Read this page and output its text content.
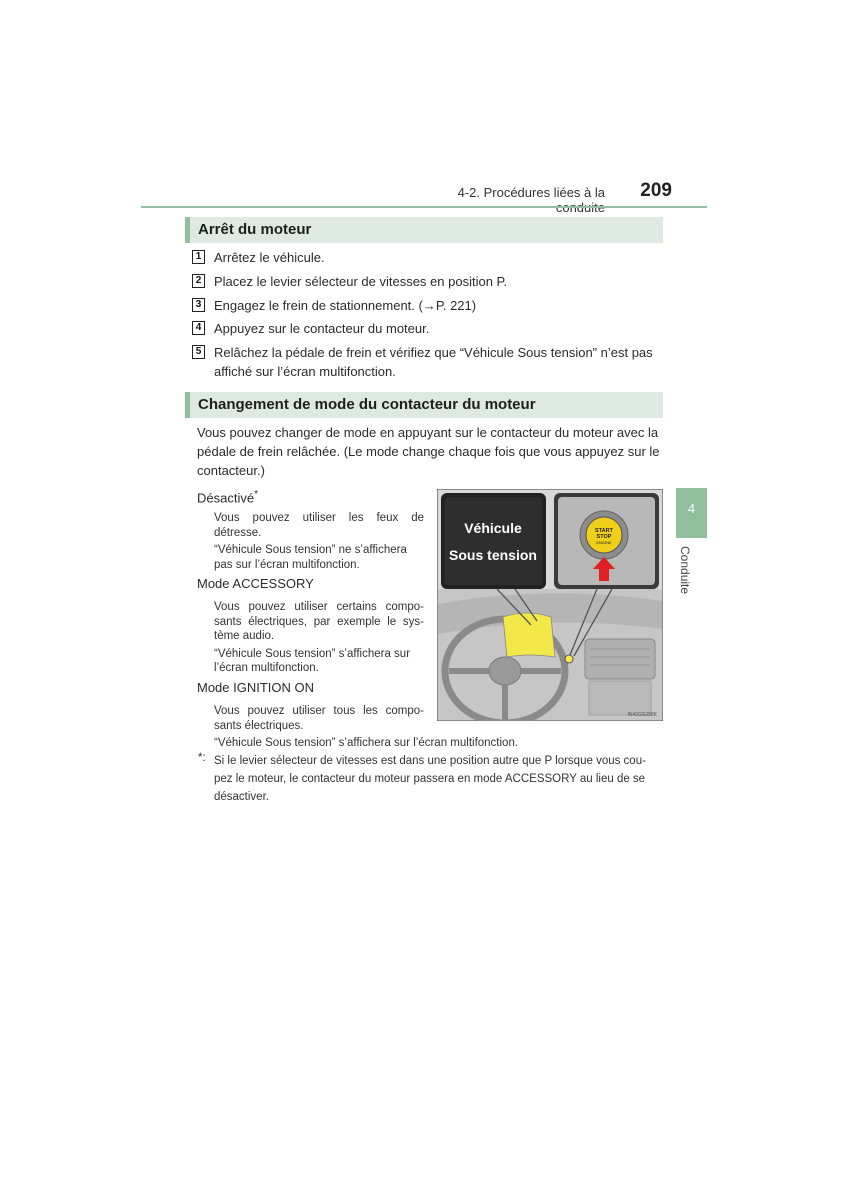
4-2. Procédures liées à la	209
Arrêt du moteur
1 Arrêtez le véhicule.
2 Placez le levier sélecteur de vitesses en position P.
3 Engagez le frein de stationnement. (→P. 221)
4 Appuyez sur le contacteur du moteur.
5 Relâchez la pédale de frein et vérifiez que “Véhicule Sous tension” n’est pas
affiché sur l’écran multifonction.
Changement de mode du contacteur du moteur
Vous pouvez changer de mode en appuyant sur le contacteur du moteur avec la
pédale de frein relâchée. (Le mode change chaque fois que vous appuyez sur le
contacteur.)
Désactivé*
Vous pouvez utiliser les feux de
détresse.
“Véhicule Sous tension” ne s’affichera
pas sur l’écran multifonction.
Mode ACCESSORY
Vous pouvez utiliser certains compo-
sants électriques, par exemple le sys-
tème audio.
“Véhicule Sous tension” s’affichera sur
l’écran multifonction.
Mode IGNITION ON
Vous pouvez utiliser tous les compo-
sants électriques.
“Véhicule Sous tension” s’affichera sur l’écran multifonction.
*: Si le levier sélecteur de vitesses est dans une position autre que P lorsque vous cou-
pez le moteur, le contacteur du moteur passera en mode ACCESSORY au lieu de se
désactiver.
Véhicule
Sous tension
START
STOP
ENGINE
IN42GS258K
4
Conduite
